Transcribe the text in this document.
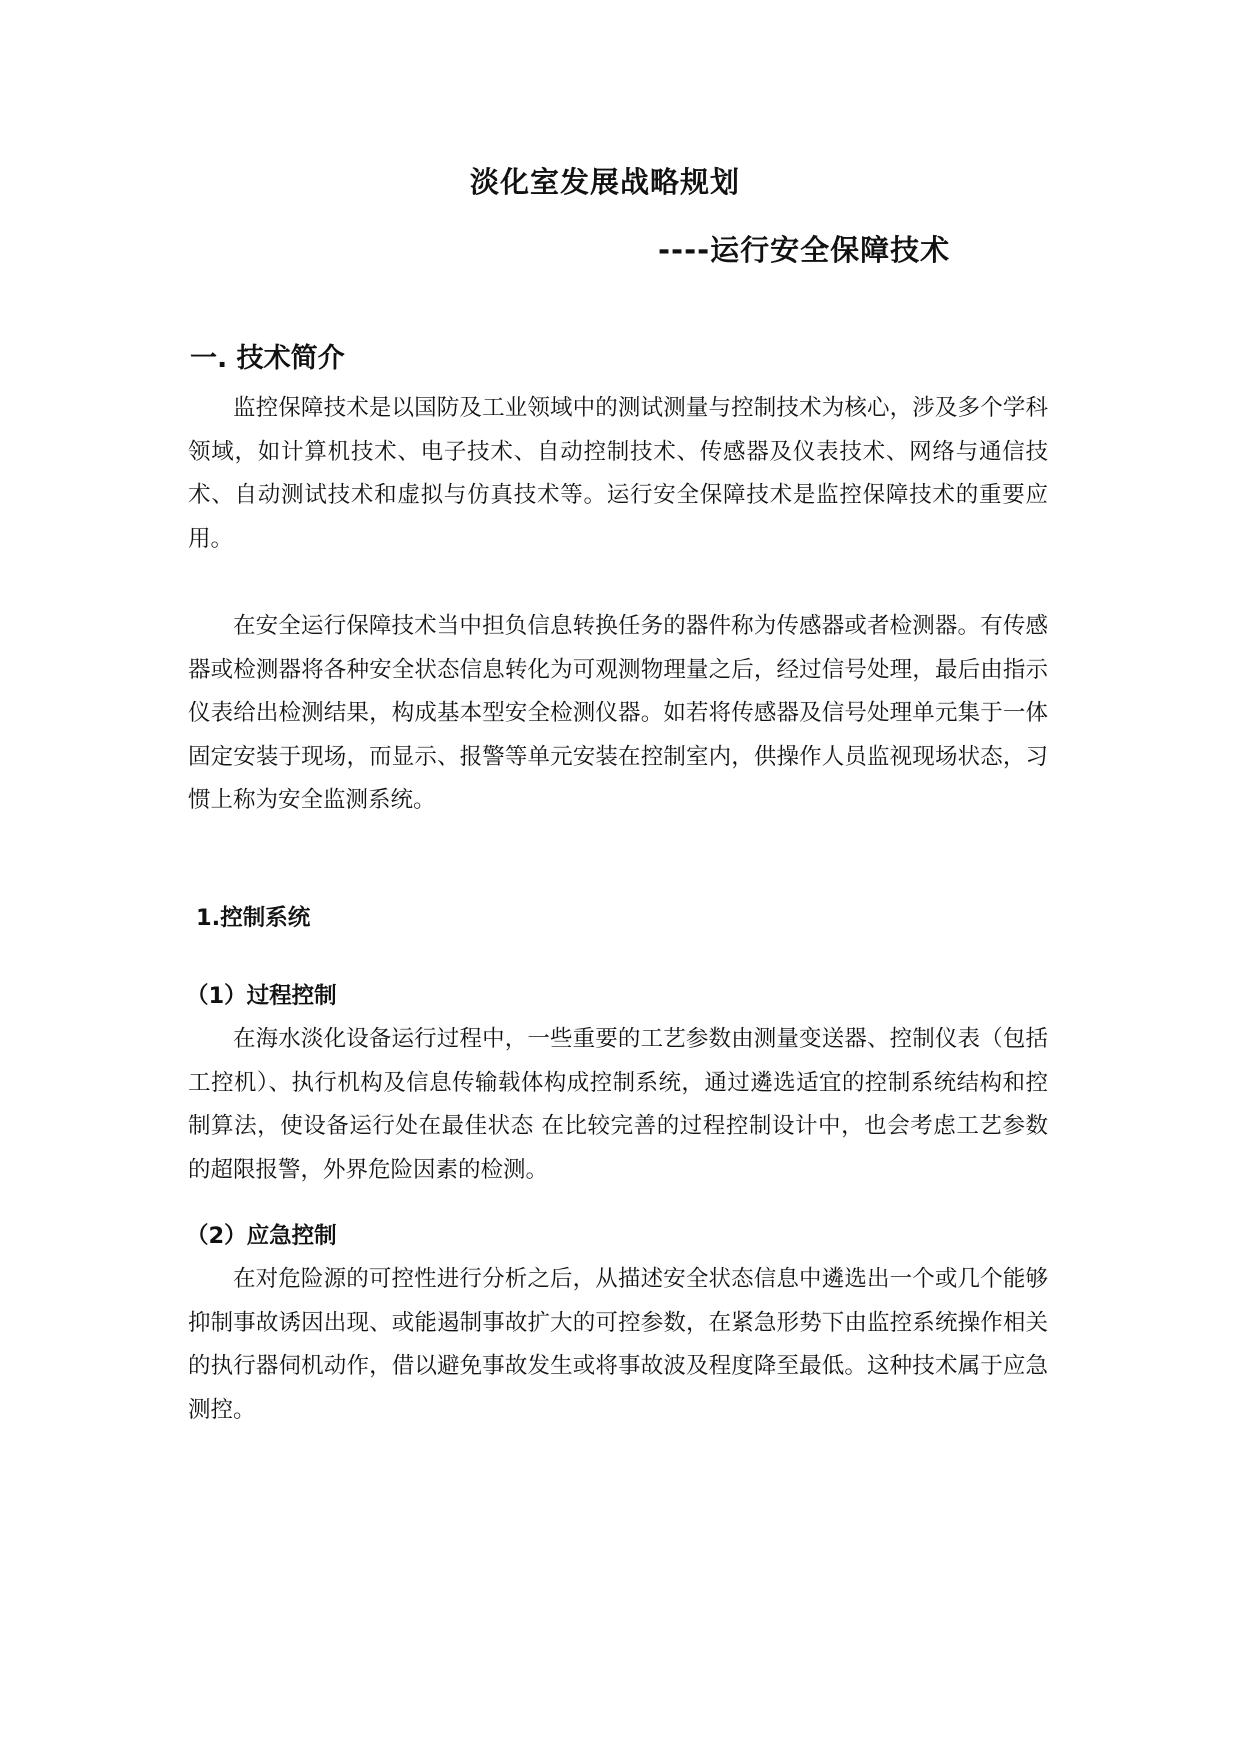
淡化室发展战略规划
----运行安全保障技术
一. 技术简介

监控保障技术是以国防及工业领域中的测试测量与控制技术为核心，涉及多个学科领域，如计算机技术、电子技术、自动控制技术、传感器及仪表技术、网络与通信技术、自动测试技术和虚拟与仿真技术等。运行安全保障技术是监控保障技术的重要应用。

在安全运行保障技术当中担负信息转换任务的器件称为传感器或者检测器。有传感器或检测器将各种安全状态信息转化为可观测物理量之后，经过信号处理，最后由指示仪表给出检测结果，构成基本型安全检测仪器。如若将传感器及信号处理单元集于一体固定安装于现场，而显示、报警等单元安装在控制室内，供操作人员监视现场状态，习惯上称为安全监测系统。

1.控制系统
（1）过程控制

在海水淡化设备运行过程中，一些重要的工艺参数由测量变送器、控制仪表（包括工控机）、执行机构及信息传输载体构成控制系统，通过遴选适宜的控制系统结构和控制算法，使设备运行处在最佳状态 在比较完善的过程控制设计中，也会考虑工艺参数的超限报警，外界危险因素的检测。

（2）应急控制

在对危险源的可控性进行分析之后，从描述安全状态信息中遴选出一个或几个能够抑制事故诱因出现、或能遏制事故扩大的可控参数，在紧急形势下由监控系统操作相关的执行器伺机动作，借以避免事故发生或将事故波及程度降至最低。这种技术属于应急测控。
